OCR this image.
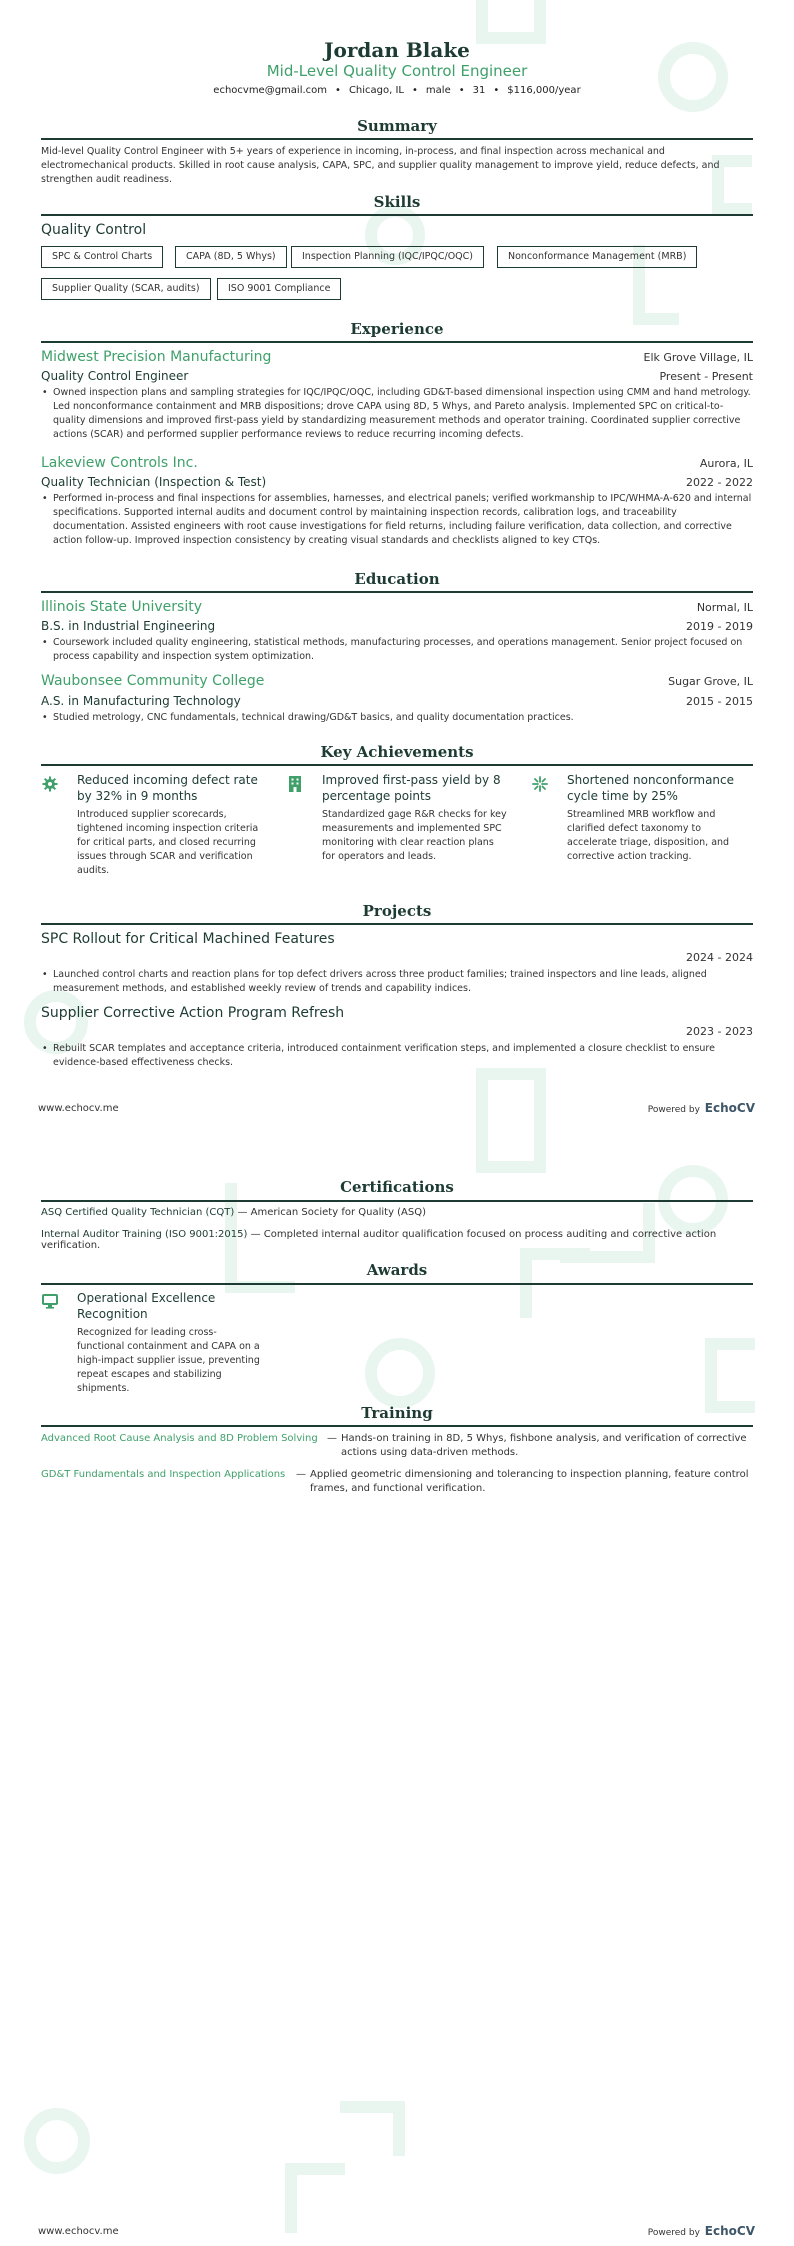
Jordan Blake
Mid-Level Quality Control Engineer
echocvme@gmail.com • Chicago, IL • male • 31 • $116,000/year
Summary
Mid-level Quality Control Engineer with 5+ years of experience in incoming, in-process, and final inspection across mechanical and electromechanical products. Skilled in root cause analysis, CAPA, SPC, and supplier quality management to improve yield, reduce defects, and strengthen audit readiness.
Skills
Quality Control
SPC & Control Charts	CAPA (8D, 5 Whys)	Inspection Planning (IQC/IPQC/OQC)	Nonconformance Management (MRB)
Supplier Quality (SCAR, audits)	ISO 9001 Compliance
Experience
Midwest Precision Manufacturing	Elk Grove Village, IL
Quality Control Engineer	Present - Present
• Owned inspection plans and sampling strategies for IQC/IPQC/OQC, including GD&T-based dimensional inspection using CMM and hand metrology. Led nonconformance containment and MRB dispositions; drove CAPA using 8D, 5 Whys, and Pareto analysis. Implemented SPC on critical-to-quality dimensions and improved first-pass yield by standardizing measurement methods and operator training. Coordinated supplier corrective actions (SCAR) and performed supplier performance reviews to reduce recurring incoming defects.
Lakeview Controls Inc.	Aurora, IL
Quality Technician (Inspection & Test)	2022 - 2022
• Performed in-process and final inspections for assemblies, harnesses, and electrical panels; verified workmanship to IPC/WHMA-A-620 and internal specifications. Supported internal audits and document control by maintaining inspection records, calibration logs, and traceability documentation. Assisted engineers with root cause investigations for field returns, including failure verification, data collection, and corrective action follow-up. Improved inspection consistency by creating visual standards and checklists aligned to key CTQs.
Education
Illinois State University	Normal, IL
B.S. in Industrial Engineering	2019 - 2019
• Coursework included quality engineering, statistical methods, manufacturing processes, and operations management. Senior project focused on process capability and inspection system optimization.
Waubonsee Community College	Sugar Grove, IL
A.S. in Manufacturing Technology	2015 - 2015
• Studied metrology, CNC fundamentals, technical drawing/GD&T basics, and quality documentation practices.
Key Achievements
Reduced incoming defect rate by 32% in 9 months
Introduced supplier scorecards, tightened incoming inspection criteria for critical parts, and closed recurring issues through SCAR and verification audits.
Improved first-pass yield by 8 percentage points
Standardized gage R&R checks for key measurements and implemented SPC monitoring with clear reaction plans for operators and leads.
Shortened nonconformance cycle time by 25%
Streamlined MRB workflow and clarified defect taxonomy to accelerate triage, disposition, and corrective action tracking.
Projects
SPC Rollout for Critical Machined Features
2024 - 2024
• Launched control charts and reaction plans for top defect drivers across three product families; trained inspectors and line leads, aligned measurement methods, and established weekly review of trends and capability indices.
Supplier Corrective Action Program Refresh
2023 - 2023
• Rebuilt SCAR templates and acceptance criteria, introduced containment verification steps, and implemented a closure checklist to ensure evidence-based effectiveness checks.
www.echocv.me	Powered by EchoCV
Certifications
ASQ Certified Quality Technician (CQT) — American Society for Quality (ASQ)
Internal Auditor Training (ISO 9001:2015) — Completed internal auditor qualification focused on process auditing and corrective action verification.
Awards
Operational Excellence Recognition
Recognized for leading cross-functional containment and CAPA on a high-impact supplier issue, preventing repeat escapes and stabilizing shipments.
Training
Advanced Root Cause Analysis and 8D Problem Solving — Hands-on training in 8D, 5 Whys, fishbone analysis, and verification of corrective actions using data-driven methods.
GD&T Fundamentals and Inspection Applications — Applied geometric dimensioning and tolerancing to inspection planning, feature control frames, and functional verification.
www.echocv.me	Powered by EchoCV
